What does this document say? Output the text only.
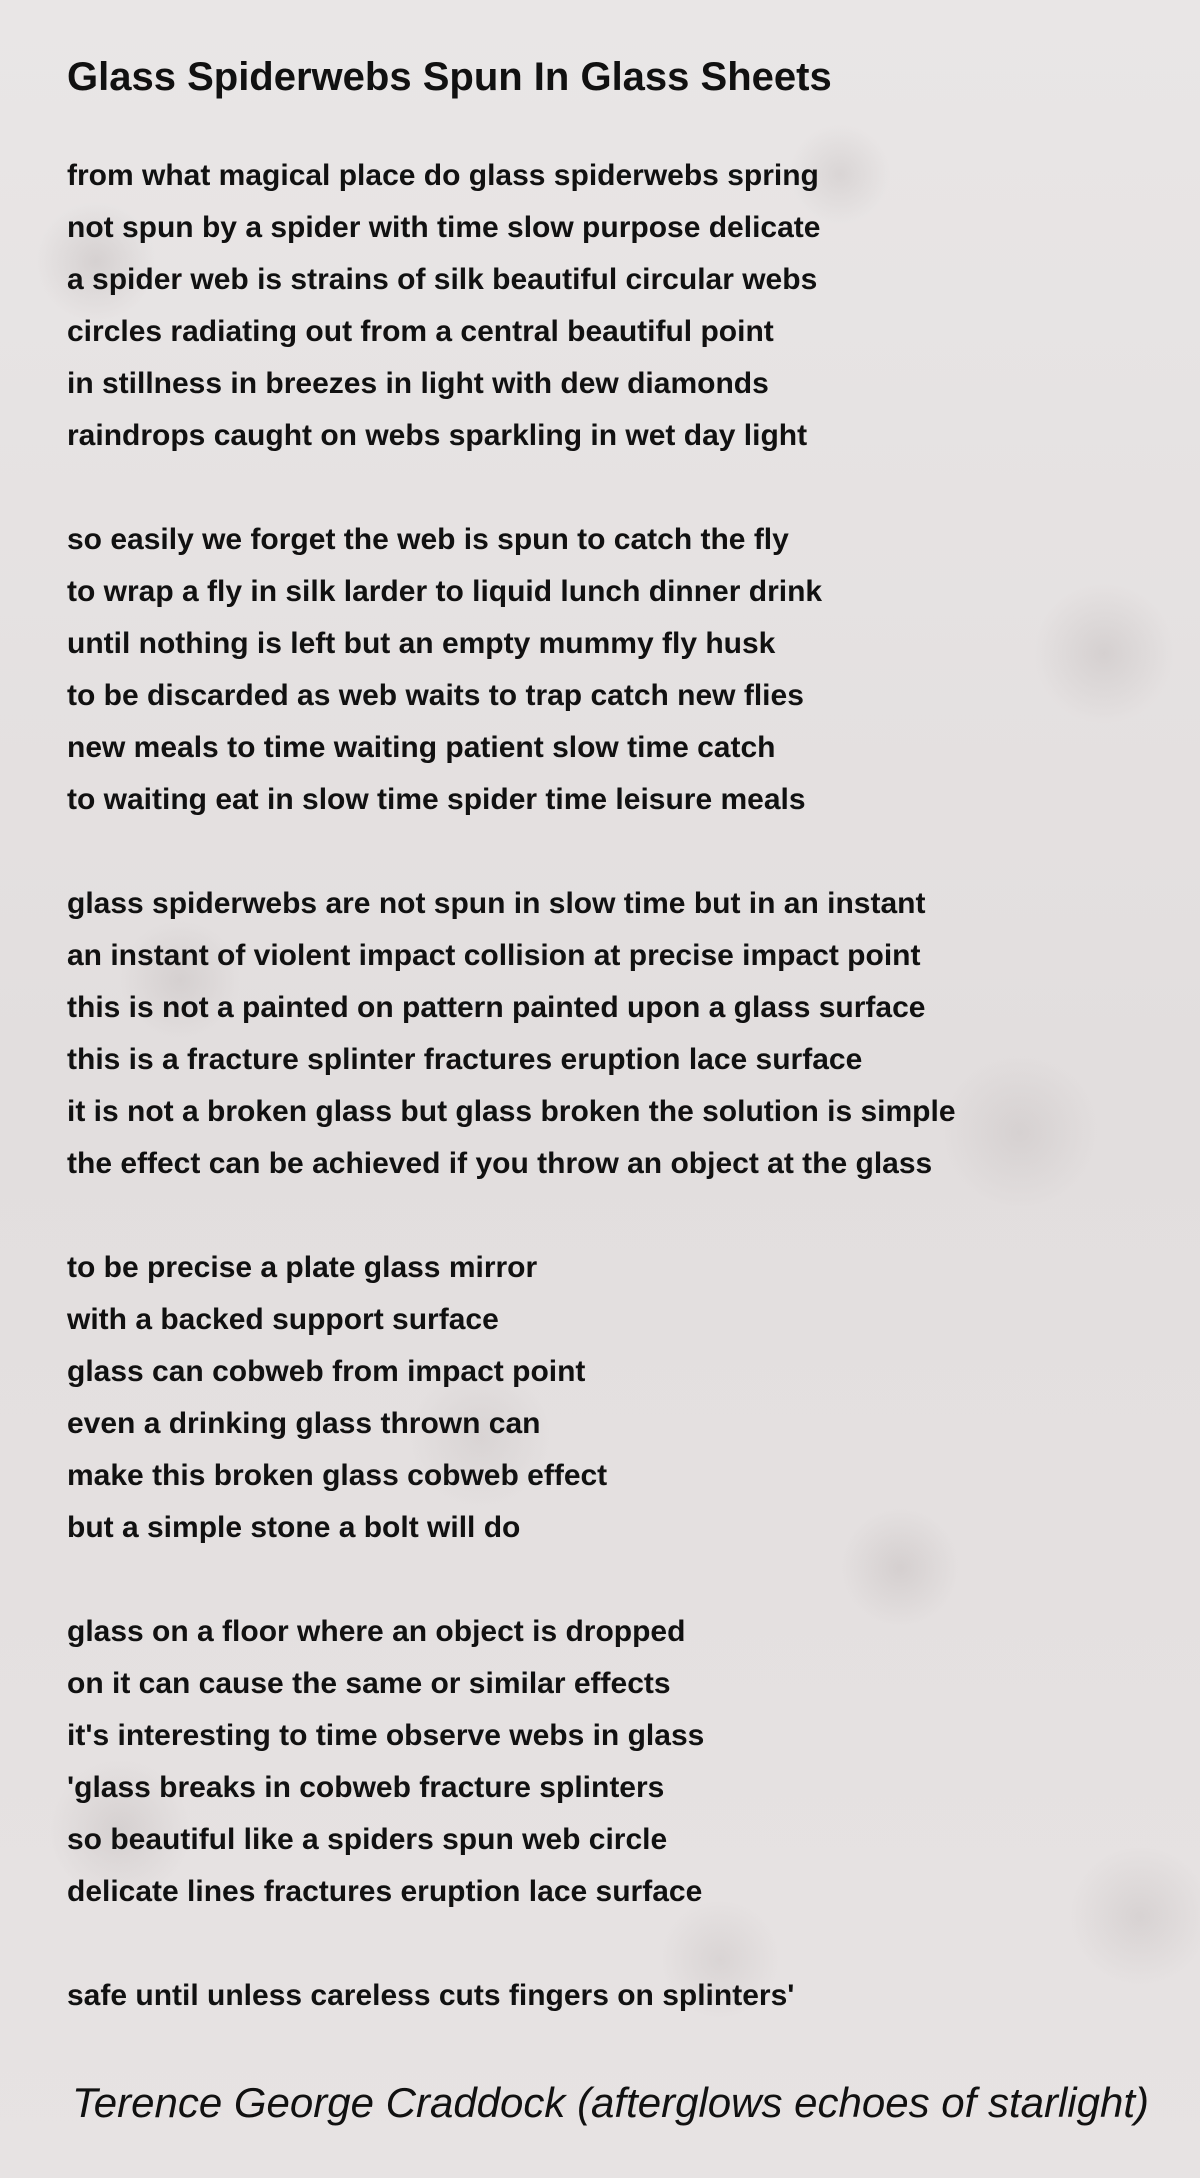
Glass Spiderwebs Spun In Glass Sheets
from what magical place do glass spiderwebs spring
not spun by a spider with time slow purpose delicate
a spider web is strains of silk beautiful circular webs
circles radiating out from a central beautiful point
in stillness in breezes in light with dew diamonds
raindrops caught on webs sparkling in wet day light
so easily we forget the web is spun to catch the fly
to wrap a fly in silk larder to liquid lunch dinner drink
until nothing is left but an empty mummy fly husk
to be discarded as web waits to trap catch new flies
new meals to time waiting patient slow time catch
to waiting eat in slow time spider time leisure meals
glass spiderwebs are not spun in slow time but in an instant
an instant of violent impact collision at precise impact point
this is not a painted on pattern painted upon a glass surface
this is a fracture splinter fractures eruption lace surface
it is not a broken glass but glass broken the solution is simple
the effect can be achieved if you throw an object at the glass
to be precise a plate glass mirror
with a backed support surface
glass can cobweb from impact point
even a drinking glass thrown can
make this broken glass cobweb effect
but a simple stone a bolt will do
glass on a floor where an object is dropped
on it can cause the same or similar effects
it's interesting to time observe webs in glass
'glass breaks in cobweb fracture splinters
so beautiful like a spiders spun web circle
delicate lines fractures eruption lace surface
safe until unless careless cuts fingers on splinters'

Terence George Craddock (afterglows echoes of starlight)
